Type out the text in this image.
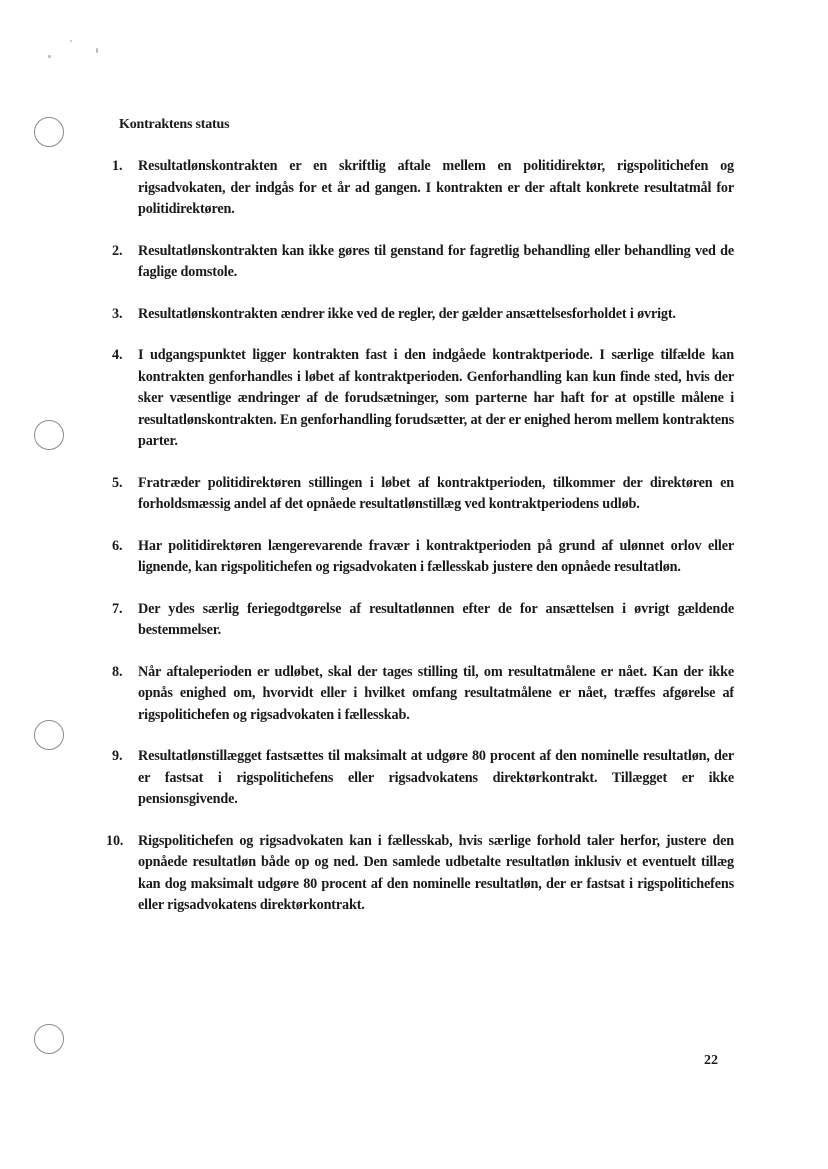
Kontraktens status
1.	Resultatlønskontrakten er en skriftlig aftale mellem en politidirektør, rigspolitichefen og rigsadvokaten, der indgås for et år ad gangen. I kontrakten er der aftalt konkrete resultatmål for politidirektøren.
2.	Resultatlønskontrakten kan ikke gøres til genstand for fagretlig behandling eller behandling ved de faglige domstole.
3.	Resultatlønskontrakten ændrer ikke ved de regler, der gælder ansættelsesforholdet i øvrigt.
4.	I udgangspunktet ligger kontrakten fast i den indgåede kontraktperiode. I særlige tilfælde kan kontrakten genforhandles i løbet af kontraktperioden. Genforhandling kan kun finde sted, hvis der sker væsentlige ændringer af de forudsætninger, som parterne har haft for at opstille målene i resultatlønskontrakten. En genforhandling forudsætter, at der er enighed herom mellem kontraktens parter.
5.	Fratræder politidirektøren stillingen i løbet af kontraktperioden, tilkommer der direktøren en forholdsmæssig andel af det opnåede resultatlønstillæg ved kontraktperiodens udløb.
6.	Har politidirektøren længerevarende fravær i kontraktperioden på grund af ulønnet orlov eller lignende, kan rigspolitichefen og rigsadvokaten i fællesskab justere den opnåede resultatløn.
7.	Der ydes særlig feriegodtgørelse af resultatlønnen efter de for ansættelsen i øvrigt gældende bestemmelser.
8.	Når aftaleperioden er udløbet, skal der tages stilling til, om resultatmålene er nået. Kan der ikke opnås enighed om, hvorvidt eller i hvilket omfang resultatmålene er nået, træffes afgørelse af rigspolitichefen og rigsadvokaten i fællesskab.
9.	Resultatlønstillægget fastsættes til maksimalt at udgøre 80 procent af den nominelle resultatløn, der er fastsat i rigspolitichefens eller rigsadvokatens direktørkontrakt. Tillægget er ikke pensionsgivende.
10.	Rigspolitichefen og rigsadvokaten kan i fællesskab, hvis særlige forhold taler herfor, justere den opnåede resultatløn både op og ned. Den samlede udbetalte resultatløn inklusiv et eventuelt tillæg kan dog maksimalt udgøre 80 procent af den nominelle resultatløn, der er fastsat i rigspolitichefens eller rigsadvokatens direktørkontrakt.
22
